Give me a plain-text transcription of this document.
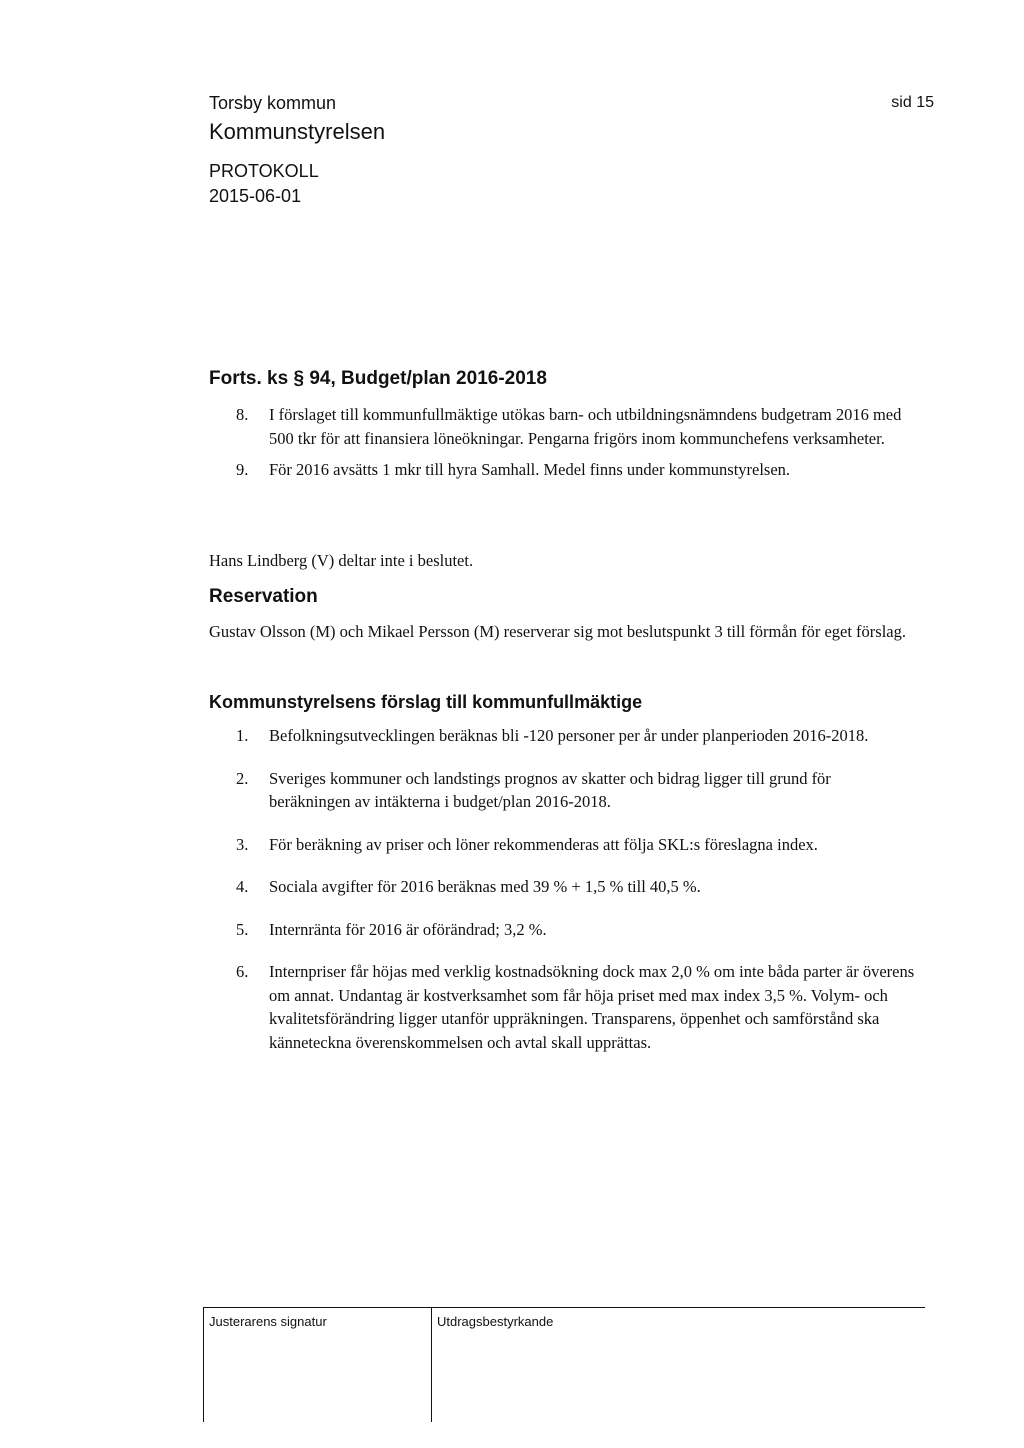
Torsby kommun
Kommunstyrelsen
PROTOKOLL
2015-06-01
sid 15
Forts. ks § 94, Budget/plan 2016-2018
8. I förslaget till kommunfullmäktige utökas barn- och utbildningsnämndens budgetram 2016 med 500 tkr för att finansiera löneökningar. Pengarna frigörs inom kommunchefens verksamheter.
9. För 2016 avsätts 1 mkr till hyra Samhall. Medel finns under kommunstyrelsen.

Hans Lindberg (V) deltar inte i beslutet.

Reservation

Gustav Olsson (M) och Mikael Persson (M) reserverar sig mot beslutspunkt 3 till förmån för eget förslag.

Kommunstyrelsens förslag till kommunfullmäktige
1. Befolkningsutvecklingen beräknas bli -120 personer per år under planperioden 2016-2018.
2. Sveriges kommuner och landstings prognos av skatter och bidrag ligger till grund för beräkningen av intäkterna i budget/plan 2016-2018.
3. För beräkning av priser och löner rekommenderas att följa SKL:s föreslagna index.
4. Sociala avgifter för 2016 beräknas med 39 % + 1,5 % till 40,5 %.
5. Internränta för 2016 är oförändrad; 3,2 %.
6. Internpriser får höjas med verklig kostnadsökning dock max 2,0 % om inte båda parter är överens om annat. Undantag är kostverksamhet som får höja priset med max index 3,5 %. Volym- och kvalitetsförändring ligger utanför uppräkningen. Transparens, öppenhet och samförstånd ska känneteckna överenskommelsen och avtal skall upprättas.
Justerarens signatur	Utdragsbestyrkande
